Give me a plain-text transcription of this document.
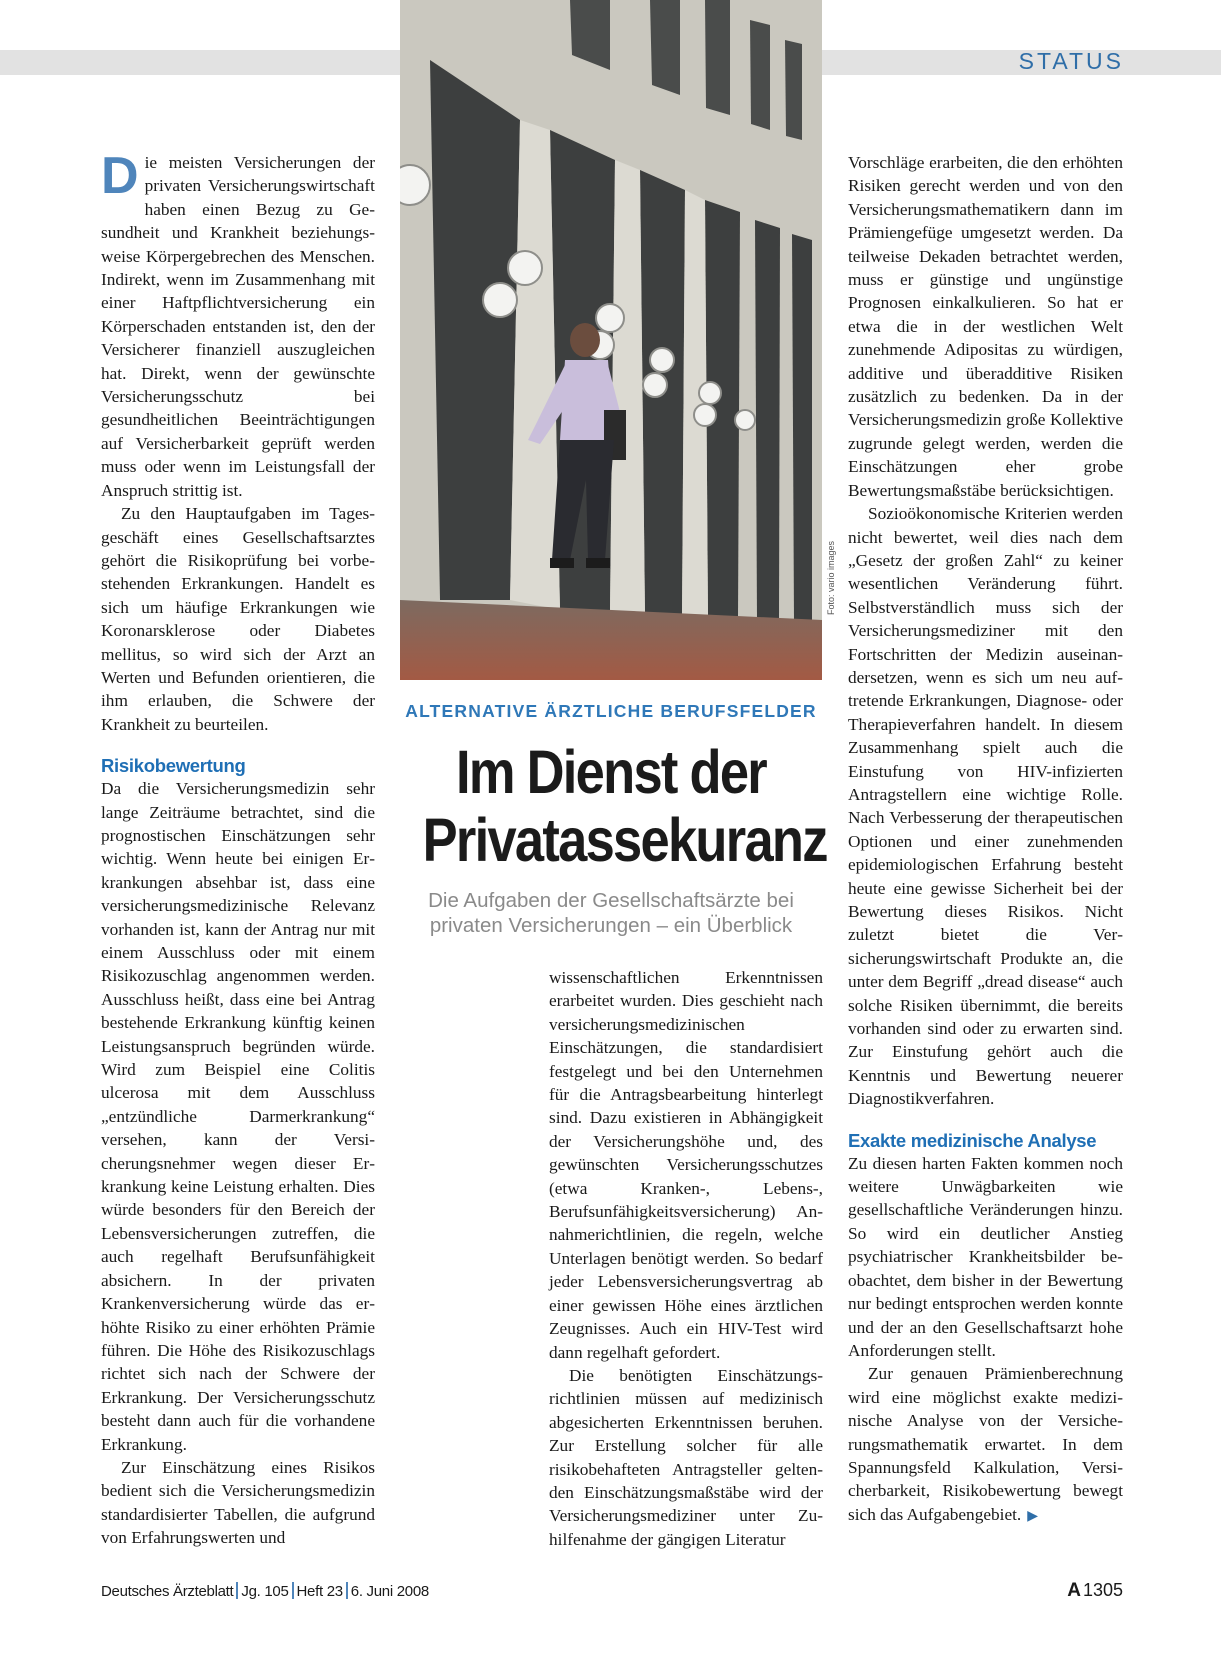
STATUS
Foto: vario images
ALTERNATIVE ÄRZTLICHE BERUFSFELDER
Im Dienst der
Privatassekuranz
Die Aufgaben der Gesellschaftsärzte bei
privaten Versicherungen – ein Überblick

Die meisten Versicherungen der privaten Versicherungswirtschaft haben einen Bezug zu Gesundheit und Krankheit beziehungsweise Körpergebrechen des Menschen. Indirekt, wenn im Zusammenhang mit einer Haftpflichtversicherung ein Körperschaden entstanden ist, den der Versicherer finanziell auszugleichen hat. Direkt, wenn der gewünschte Versicherungsschutz bei gesundheitlichen Beeinträchtigungen auf Versicherbarkeit geprüft werden muss oder wenn im Leistungsfall der Anspruch strittig ist.

Zu den Hauptaufgaben im Tagesgeschäft eines Gesellschaftsarztes gehört die Risikoprüfung bei vorbestehenden Erkrankungen. Handelt es sich um häufige Erkrankungen wie Koronarsklerose oder Diabetes mellitus, so wird sich der Arzt an Werten und Befunden orientieren, die ihm erlauben, die Schwere der Krankheit zu beurteilen.

Risikobewertung

Da die Versicherungsmedizin sehr lange Zeiträume betrachtet, sind die prognostischen Einschätzungen sehr wichtig. Wenn heute bei einigen Erkrankungen absehbar ist, dass eine versicherungsmedizinische Relevanz vorhanden ist, kann der Antrag nur mit einem Ausschluss oder mit einem Risikozuschlag angenommen werden. Ausschluss heißt, dass eine bei Antrag bestehende Erkrankung künftig keinen Leistungsanspruch begründen würde. Wird zum Beispiel eine Colitis ulcerosa mit dem Ausschluss „entzündliche Darmerkrankung“ versehen, kann der Versicherungsnehmer wegen dieser Erkrankung keine Leistung erhalten. Dies würde besonders für den Bereich der Lebensversicherungen zutreffen, die auch regelhaft Berufsunfähigkeit absichern. In der privaten Krankenversicherung würde das erhöhte Risiko zu einer erhöhten Prämie führen. Die Höhe des Risikozuschlags richtet sich nach der Schwere der Erkrankung. Der Versicherungsschutz besteht dann auch für die vorhandene Erkrankung.

Zur Einschätzung eines Risikos bedient sich die Versicherungsmedizin standardisierter Tabellen, die aufgrund von Erfahrungswerten und

wissenschaftlichen Erkenntnissen erarbeitet wurden. Dies geschieht nach versicherungsmedizinischen Einschätzungen, die standardisiert festgelegt und bei den Unternehmen für die Antragsbearbeitung hinterlegt sind. Dazu existieren in Abhängigkeit der Versicherungshöhe und, des gewünschten Versicherungsschutzes (etwa Kranken-, Lebens-, Berufsunfähigkeitsversicherung) Annahmerichtlinien, die regeln, welche Unterlagen benötigt werden. So bedarf jeder Lebensversicherungsvertrag ab einer gewissen Höhe eines ärztlichen Zeugnisses. Auch ein HIV-Test wird dann regelhaft gefordert.

Die benötigten Einschätzungsrichtlinien müssen auf medizinisch abgesicherten Erkenntnissen beruhen. Zur Erstellung solcher für alle risikobehafteten Antragsteller geltenden Einschätzungsmaßstäbe wird der Versicherungsmediziner unter Zuhilfenahme der gängigen Literatur

Vorschläge erarbeiten, die den erhöhten Risiken gerecht werden und von den Versicherungsmathematikern dann im Prämiengefüge umgesetzt werden. Da teilweise Dekaden betrachtet werden, muss er günstige und ungünstige Prognosen einkalkulieren. So hat er etwa die in der westlichen Welt zunehmende Adipositas zu würdigen, additive und überadditive Risiken zusätzlich zu bedenken. Da in der Versicherungsmedizin große Kollektive zugrunde gelegt werden, werden die Einschätzungen eher grobe Bewertungsmaßstäbe berücksichtigen.

Sozioökonomische Kriterien werden nicht bewertet, weil dies nach dem „Gesetz der großen Zahl“ zu keiner wesentlichen Veränderung führt. Selbstverständlich muss sich der Versicherungsmediziner mit den Fortschritten der Medizin auseinandersetzen, wenn es sich um neu auftretende Erkrankungen, Diagnose- oder Therapieverfahren handelt. In diesem Zusammenhang spielt auch die Einstufung von HIV-infizierten Antragstellern eine wichtige Rolle. Nach Verbesserung der therapeutischen Optionen und einer zunehmenden epidemiologischen Erfahrung besteht heute eine gewisse Sicherheit bei der Bewertung dieses Risikos. Nicht zuletzt bietet die Versicherungswirtschaft Produkte an, die unter dem Begriff „dread disease“ auch solche Risiken übernimmt, die bereits vorhanden sind oder zu erwarten sind. Zur Einstufung gehört auch die Kenntnis und Bewertung neuerer Diagnostikverfahren.

Exakte medizinische Analyse

Zu diesen harten Fakten kommen noch weitere Unwägbarkeiten wie gesellschaftliche Veränderungen hinzu. So wird ein deutlicher Anstieg psychiatrischer Krankheitsbilder beobachtet, dem bisher in der Bewertung nur bedingt entsprochen werden konnte und der an den Gesellschaftsarzt hohe Anforderungen stellt.

Zur genauen Prämienberechnung wird eine möglichst exakte medizinische Analyse von der Versicherungsmathematik erwartet. In dem Spannungsfeld Kalkulation, Versicherbarkeit, Risikobewertung bewegt sich das Aufgabengebiet. ▶

Deutsches Ärzteblatt Jg. 105 Heft 23 6. Juni 2008	A 1305
